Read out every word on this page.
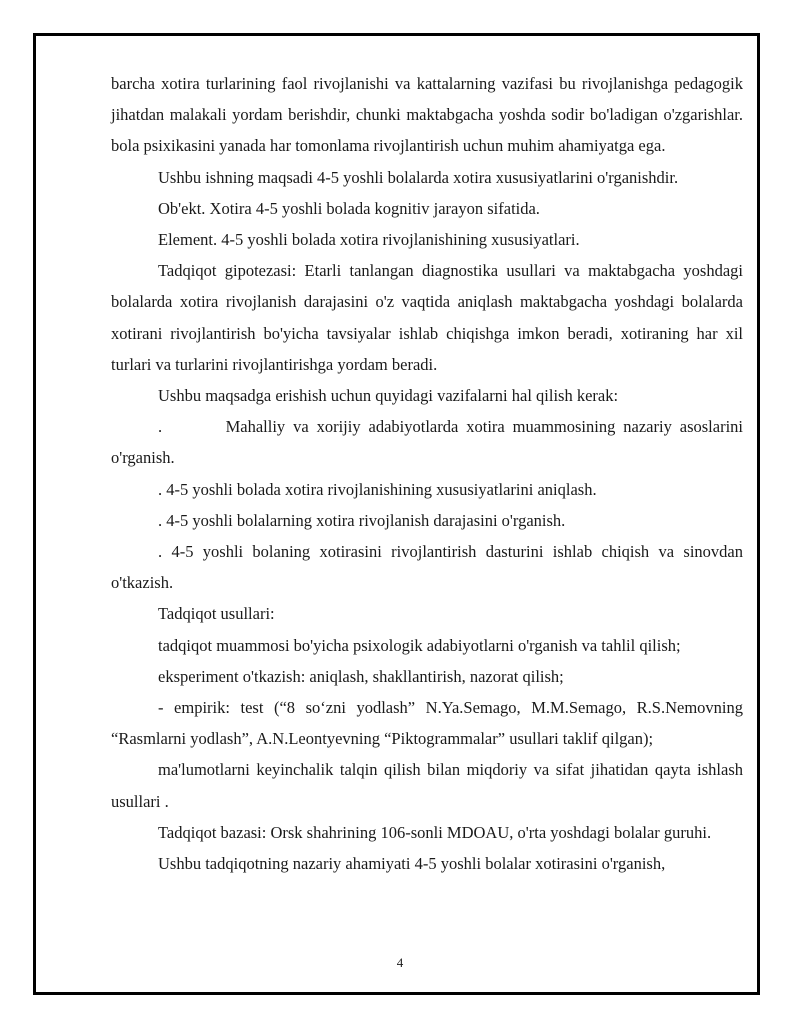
barcha xotira turlarining faol rivojlanishi va kattalarning vazifasi bu rivojlanishga pedagogik jihatdan malakali yordam berishdir, chunki maktabgacha yoshda sodir bo'ladigan o'zgarishlar. bola psixikasini yanada har tomonlama rivojlantirish uchun muhim ahamiyatga ega.

Ushbu ishning maqsadi 4-5 yoshli bolalarda xotira xususiyatlarini o'rganishdir.

Ob'ekt. Xotira 4-5 yoshli bolada kognitiv jarayon sifatida.

Element. 4-5 yoshli bolada xotira rivojlanishining xususiyatlari.

Tadqiqot gipotezasi: Etarli tanlangan diagnostika usullari va maktabgacha yoshdagi bolalarda xotira rivojlanish darajasini o'z vaqtida aniqlash maktabgacha yoshdagi bolalarda xotirani rivojlantirish bo'yicha tavsiyalar ishlab chiqishga imkon beradi, xotiraning har xil turlari va turlarini rivojlantirishga yordam beradi.

Ushbu maqsadga erishish uchun quyidagi vazifalarni hal qilish kerak:

.        Mahalliy va xorijiy adabiyotlarda xotira muammosining nazariy asoslarini o'rganish.

. 4-5 yoshli bolada xotira rivojlanishining xususiyatlarini aniqlash.

. 4-5 yoshli bolalarning xotira rivojlanish darajasini o'rganish.

. 4-5 yoshli bolaning xotirasini rivojlantirish dasturini ishlab chiqish va sinovdan o'tkazish.

Tadqiqot usullari:

tadqiqot muammosi bo'yicha psixologik adabiyotlarni o'rganish va tahlil qilish;

eksperiment o'tkazish: aniqlash, shakllantirish, nazorat qilish;

- empirik: test (“8 so‘zni yodlash” N.Ya.Semago, M.M.Semago, R.S.Nemovning “Rasmlarni yodlash”, A.N.Leontyevning “Piktogrammalar” usullari taklif qilgan);

ma'lumotlarni keyinchalik talqin qilish bilan miqdoriy va sifat jihatidan qayta ishlash usullari .

Tadqiqot bazasi: Orsk shahrining 106-sonli MDOAU, o'rta yoshdagi bolalar guruhi.

Ushbu tadqiqotning nazariy ahamiyati 4-5 yoshli bolalar xotirasini o'rganish,

4
